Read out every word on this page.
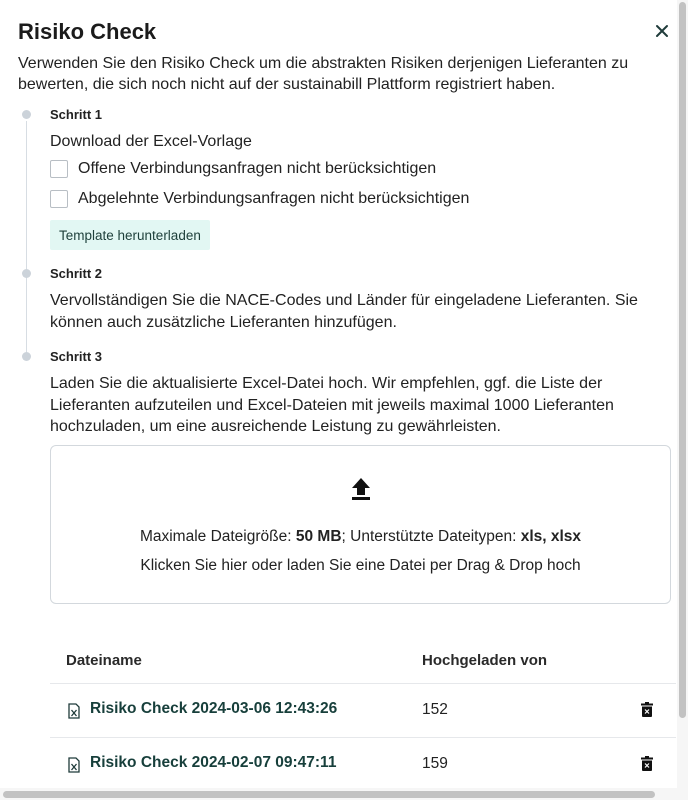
Risiko Check
Verwenden Sie den Risiko Check um die abstrakten Risiken derjenigen Lieferanten zu bewerten, die sich noch nicht auf der sustainabill Plattform registriert haben.
Schritt 1
Download der Excel-Vorlage
Offene Verbindungsanfragen nicht berücksichtigen
Abgelehnte Verbindungsanfragen nicht berücksichtigen
Template herunterladen
Schritt 2
Vervollständigen Sie die NACE-Codes und Länder für eingeladene Lieferanten. Sie können auch zusätzliche Lieferanten hinzufügen.
Schritt 3
Laden Sie die aktualisierte Excel-Datei hoch. Wir empfehlen, ggf. die Liste der Lieferanten aufzuteilen und Excel-Dateien mit jeweils maximal 1000 Lieferanten hochzuladen, um eine ausreichende Leistung zu gewährleisten.
Maximale Dateigröße: 50 MB; Unterstützte Dateitypen: xls, xlsx
Klicken Sie hier oder laden Sie eine Datei per Drag & Drop hoch
Dateiname	Hochgeladen von
Risiko Check 2024-03-06 12:43:26	152
Risiko Check 2024-02-07 09:47:11	159
